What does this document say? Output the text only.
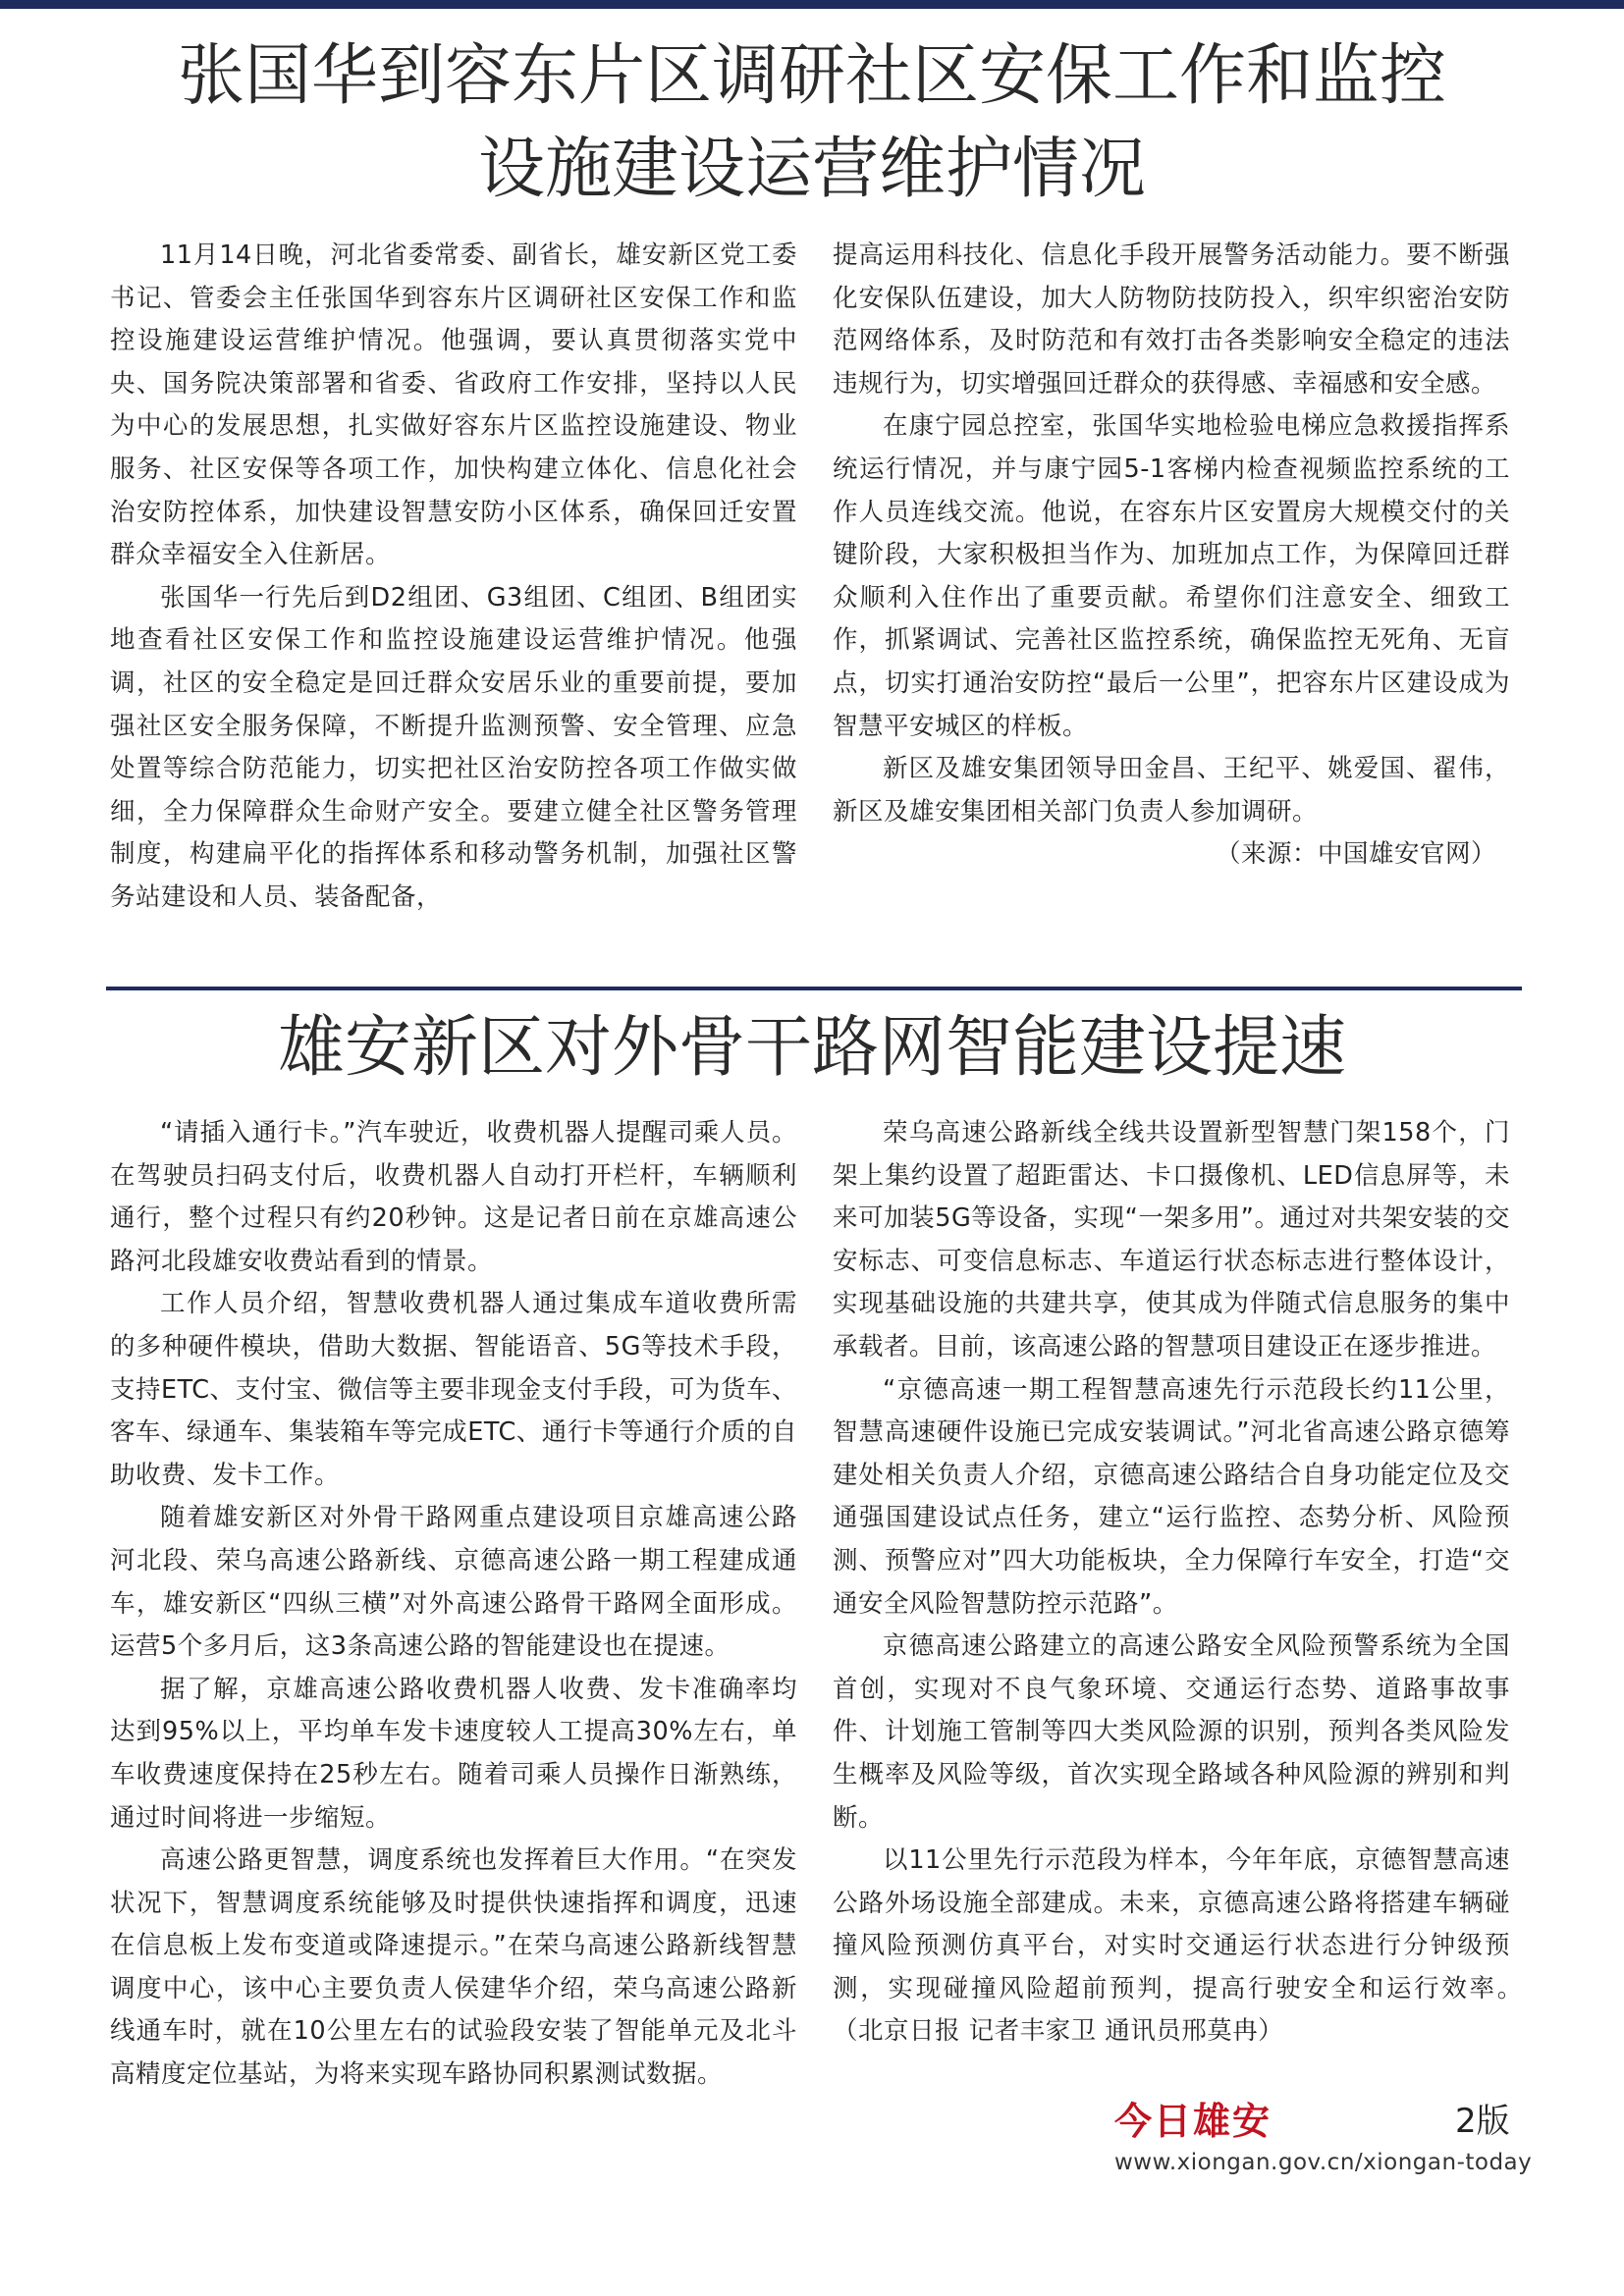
张国华到容东片区调研社区安保工作和监控
设施建设运营维护情况

11月14日晚，河北省委常委、副省长，雄安新区党工委书记、管委会主任张国华到容东片区调研社区安保工作和监控设施建设运营维护情况。他强调，要认真贯彻落实党中央、国务院决策部署和省委、省政府工作安排，坚持以人民为中心的发展思想，扎实做好容东片区监控设施建设、物业服务、社区安保等各项工作，加快构建立体化、信息化社会治安防控体系，加快建设智慧安防小区体系，确保回迁安置群众幸福安全入住新居。

张国华一行先后到D2组团、G3组团、C组团、B组团实地查看社区安保工作和监控设施建设运营维护情况。他强调，社区的安全稳定是回迁群众安居乐业的重要前提，要加强社区安全服务保障，不断提升监测预警、安全管理、应急处置等综合防范能力，切实把社区治安防控各项工作做实做细，全力保障群众生命财产安全。要建立健全社区警务管理制度，构建扁平化的指挥体系和移动警务机制，加强社区警务站建设和人员、装备配备，

提高运用科技化、信息化手段开展警务活动能力。要不断强化安保队伍建设，加大人防物防技防投入，织牢织密治安防范网络体系，及时防范和有效打击各类影响安全稳定的违法违规行为，切实增强回迁群众的获得感、幸福感和安全感。

在康宁园总控室，张国华实地检验电梯应急救援指挥系统运行情况，并与康宁园5-1客梯内检查视频监控系统的工作人员连线交流。他说，在容东片区安置房大规模交付的关键阶段，大家积极担当作为、加班加点工作，为保障回迁群众顺利入住作出了重要贡献。希望你们注意安全、细致工作，抓紧调试、完善社区监控系统，确保监控无死角、无盲点，切实打通治安防控“最后一公里”，把容东片区建设成为智慧平安城区的样板。

新区及雄安集团领导田金昌、王纪平、姚爱国、翟伟，新区及雄安集团相关部门负责人参加调研。

（来源：中国雄安官网）

雄安新区对外骨干路网智能建设提速

“请插入通行卡。”汽车驶近，收费机器人提醒司乘人员。在驾驶员扫码支付后，收费机器人自动打开栏杆，车辆顺利通行，整个过程只有约20秒钟。这是记者日前在京雄高速公路河北段雄安收费站看到的情景。

工作人员介绍，智慧收费机器人通过集成车道收费所需的多种硬件模块，借助大数据、智能语音、5G等技术手段，支持ETC、支付宝、微信等主要非现金支付手段，可为货车、客车、绿通车、集装箱车等完成ETC、通行卡等通行介质的自助收费、发卡工作。

随着雄安新区对外骨干路网重点建设项目京雄高速公路河北段、荣乌高速公路新线、京德高速公路一期工程建成通车，雄安新区“四纵三横”对外高速公路骨干路网全面形成。运营5个多月后，这3条高速公路的智能建设也在提速。

据了解，京雄高速公路收费机器人收费、发卡准确率均达到95%以上，平均单车发卡速度较人工提高30%左右，单车收费速度保持在25秒左右。随着司乘人员操作日渐熟练，通过时间将进一步缩短。

高速公路更智慧，调度系统也发挥着巨大作用。“在突发状况下，智慧调度系统能够及时提供快速指挥和调度，迅速在信息板上发布变道或降速提示。”在荣乌高速公路新线智慧调度中心，该中心主要负责人侯建华介绍，荣乌高速公路新线通车时，就在10公里左右的试验段安装了智能单元及北斗高精度定位基站，为将来实现车路协同积累测试数据。

荣乌高速公路新线全线共设置新型智慧门架158个，门架上集约设置了超距雷达、卡口摄像机、LED信息屏等，未来可加装5G等设备，实现“一架多用”。通过对共架安装的交安标志、可变信息标志、车道运行状态标志进行整体设计，实现基础设施的共建共享，使其成为伴随式信息服务的集中承载者。目前，该高速公路的智慧项目建设正在逐步推进。

“京德高速一期工程智慧高速先行示范段长约11公里，智慧高速硬件设施已完成安装调试。”河北省高速公路京德筹建处相关负责人介绍，京德高速公路结合自身功能定位及交通强国建设试点任务，建立“运行监控、态势分析、风险预测、预警应对”四大功能板块，全力保障行车安全，打造“交通安全风险智慧防控示范路”。

京德高速公路建立的高速公路安全风险预警系统为全国首创，实现对不良气象环境、交通运行态势、道路事故事件、计划施工管制等四大类风险源的识别，预判各类风险发生概率及风险等级，首次实现全路域各种风险源的辨别和判断。

以11公里先行示范段为样本，今年年底，京德智慧高速公路外场设施全部建成。未来，京德高速公路将搭建车辆碰撞风险预测仿真平台，对实时交通运行状态进行分钟级预测，实现碰撞风险超前预判，提高行驶安全和运行效率。　（北京日报 记者丰家卫 通讯员邢莫冉）

今日雄安	2版
www.xiongan.gov.cn/xiongan-today
